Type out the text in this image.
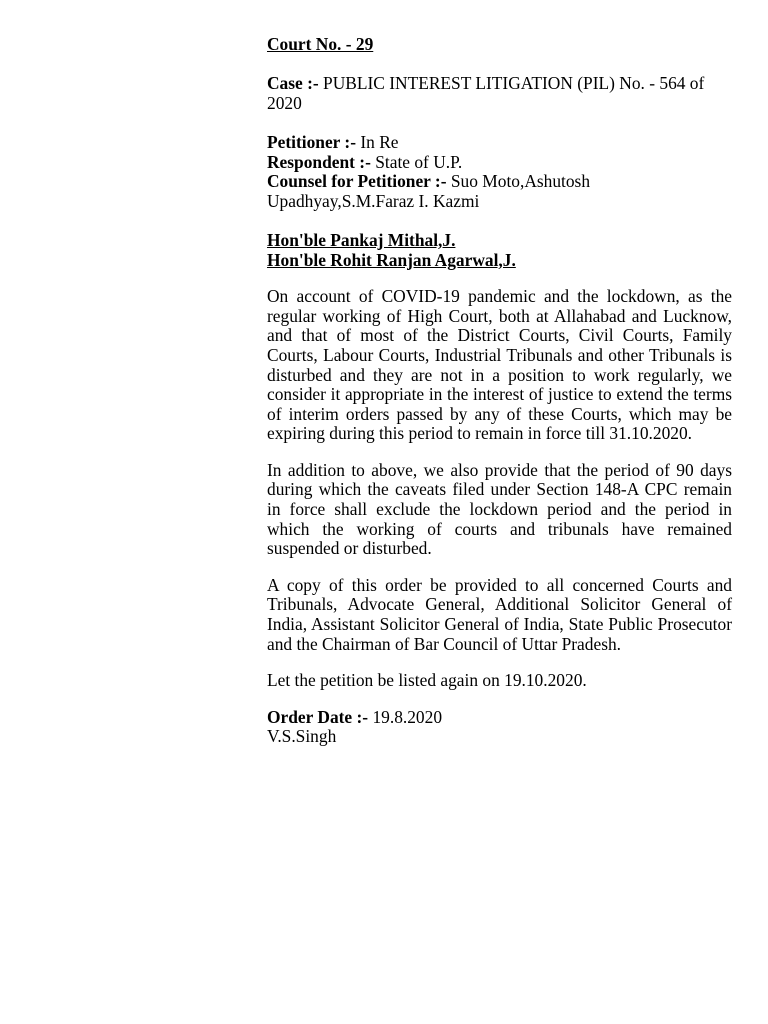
Court No. - 29

Case :- PUBLIC INTEREST LITIGATION (PIL) No. - 564 of 2020

Petitioner :- In Re

Respondent :- State of U.P.

Counsel for Petitioner :- Suo Moto,Ashutosh Upadhyay,S.M.Faraz I. Kazmi

Hon'ble Pankaj Mithal,J.
Hon'ble Rohit Ranjan Agarwal,J.

On account of COVID-19 pandemic and the lockdown, as the regular working of High Court, both at Allahabad and Lucknow, and that of most of the District Courts, Civil Courts, Family Courts, Labour Courts, Industrial Tribunals and other Tribunals is disturbed and they are not in a position to work regularly, we consider it appropriate in the interest of justice to extend the terms of interim orders passed by any of these Courts, which may be expiring during this period to remain in force till 31.10.2020.

In addition to above, we also provide that the period of 90 days during which the caveats filed under Section 148-A CPC remain in force shall exclude the lockdown period and the period in which the working of courts and tribunals have remained suspended or disturbed.

A copy of this order be provided to all concerned Courts and Tribunals, Advocate General, Additional Solicitor General of India, Assistant Solicitor General of India, State Public Prosecutor and the Chairman of Bar Council of Uttar Pradesh.

Let the petition be listed again on 19.10.2020.

Order Date :- 19.8.2020

V.S.Singh
